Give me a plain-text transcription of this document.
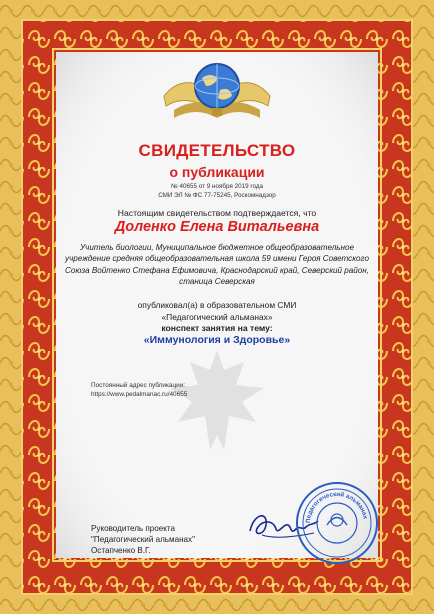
СВИДЕТЕЛЬСТВО
о публикации
№ 40655 от 9 ноября 2019 года
СМИ ЭЛ № ФС 77-75245, Роскомнадзор
Настоящим свидетельством подтверждается, что
Доленко Елена Витальевна
Учитель биологии, Муниципальное бюджетное общеобразовательное учреждение средняя общеобразовательная школа 59 имени Героя Советского Союза Войтенко Стефана Ефимовича, Краснодарский край, Северский район, станица Северская
опубликовал(а) в образовательном СМИ
«Педагогический альманах»
конспект занятия на тему:
«Иммунология и Здоровье»
Постоянный адрес публикации:
https://www.pedalmanac.ru/40655
Руководитель проекта
"Педагогический альманах"
Остапченко В.Г.
Педагогический альманах
